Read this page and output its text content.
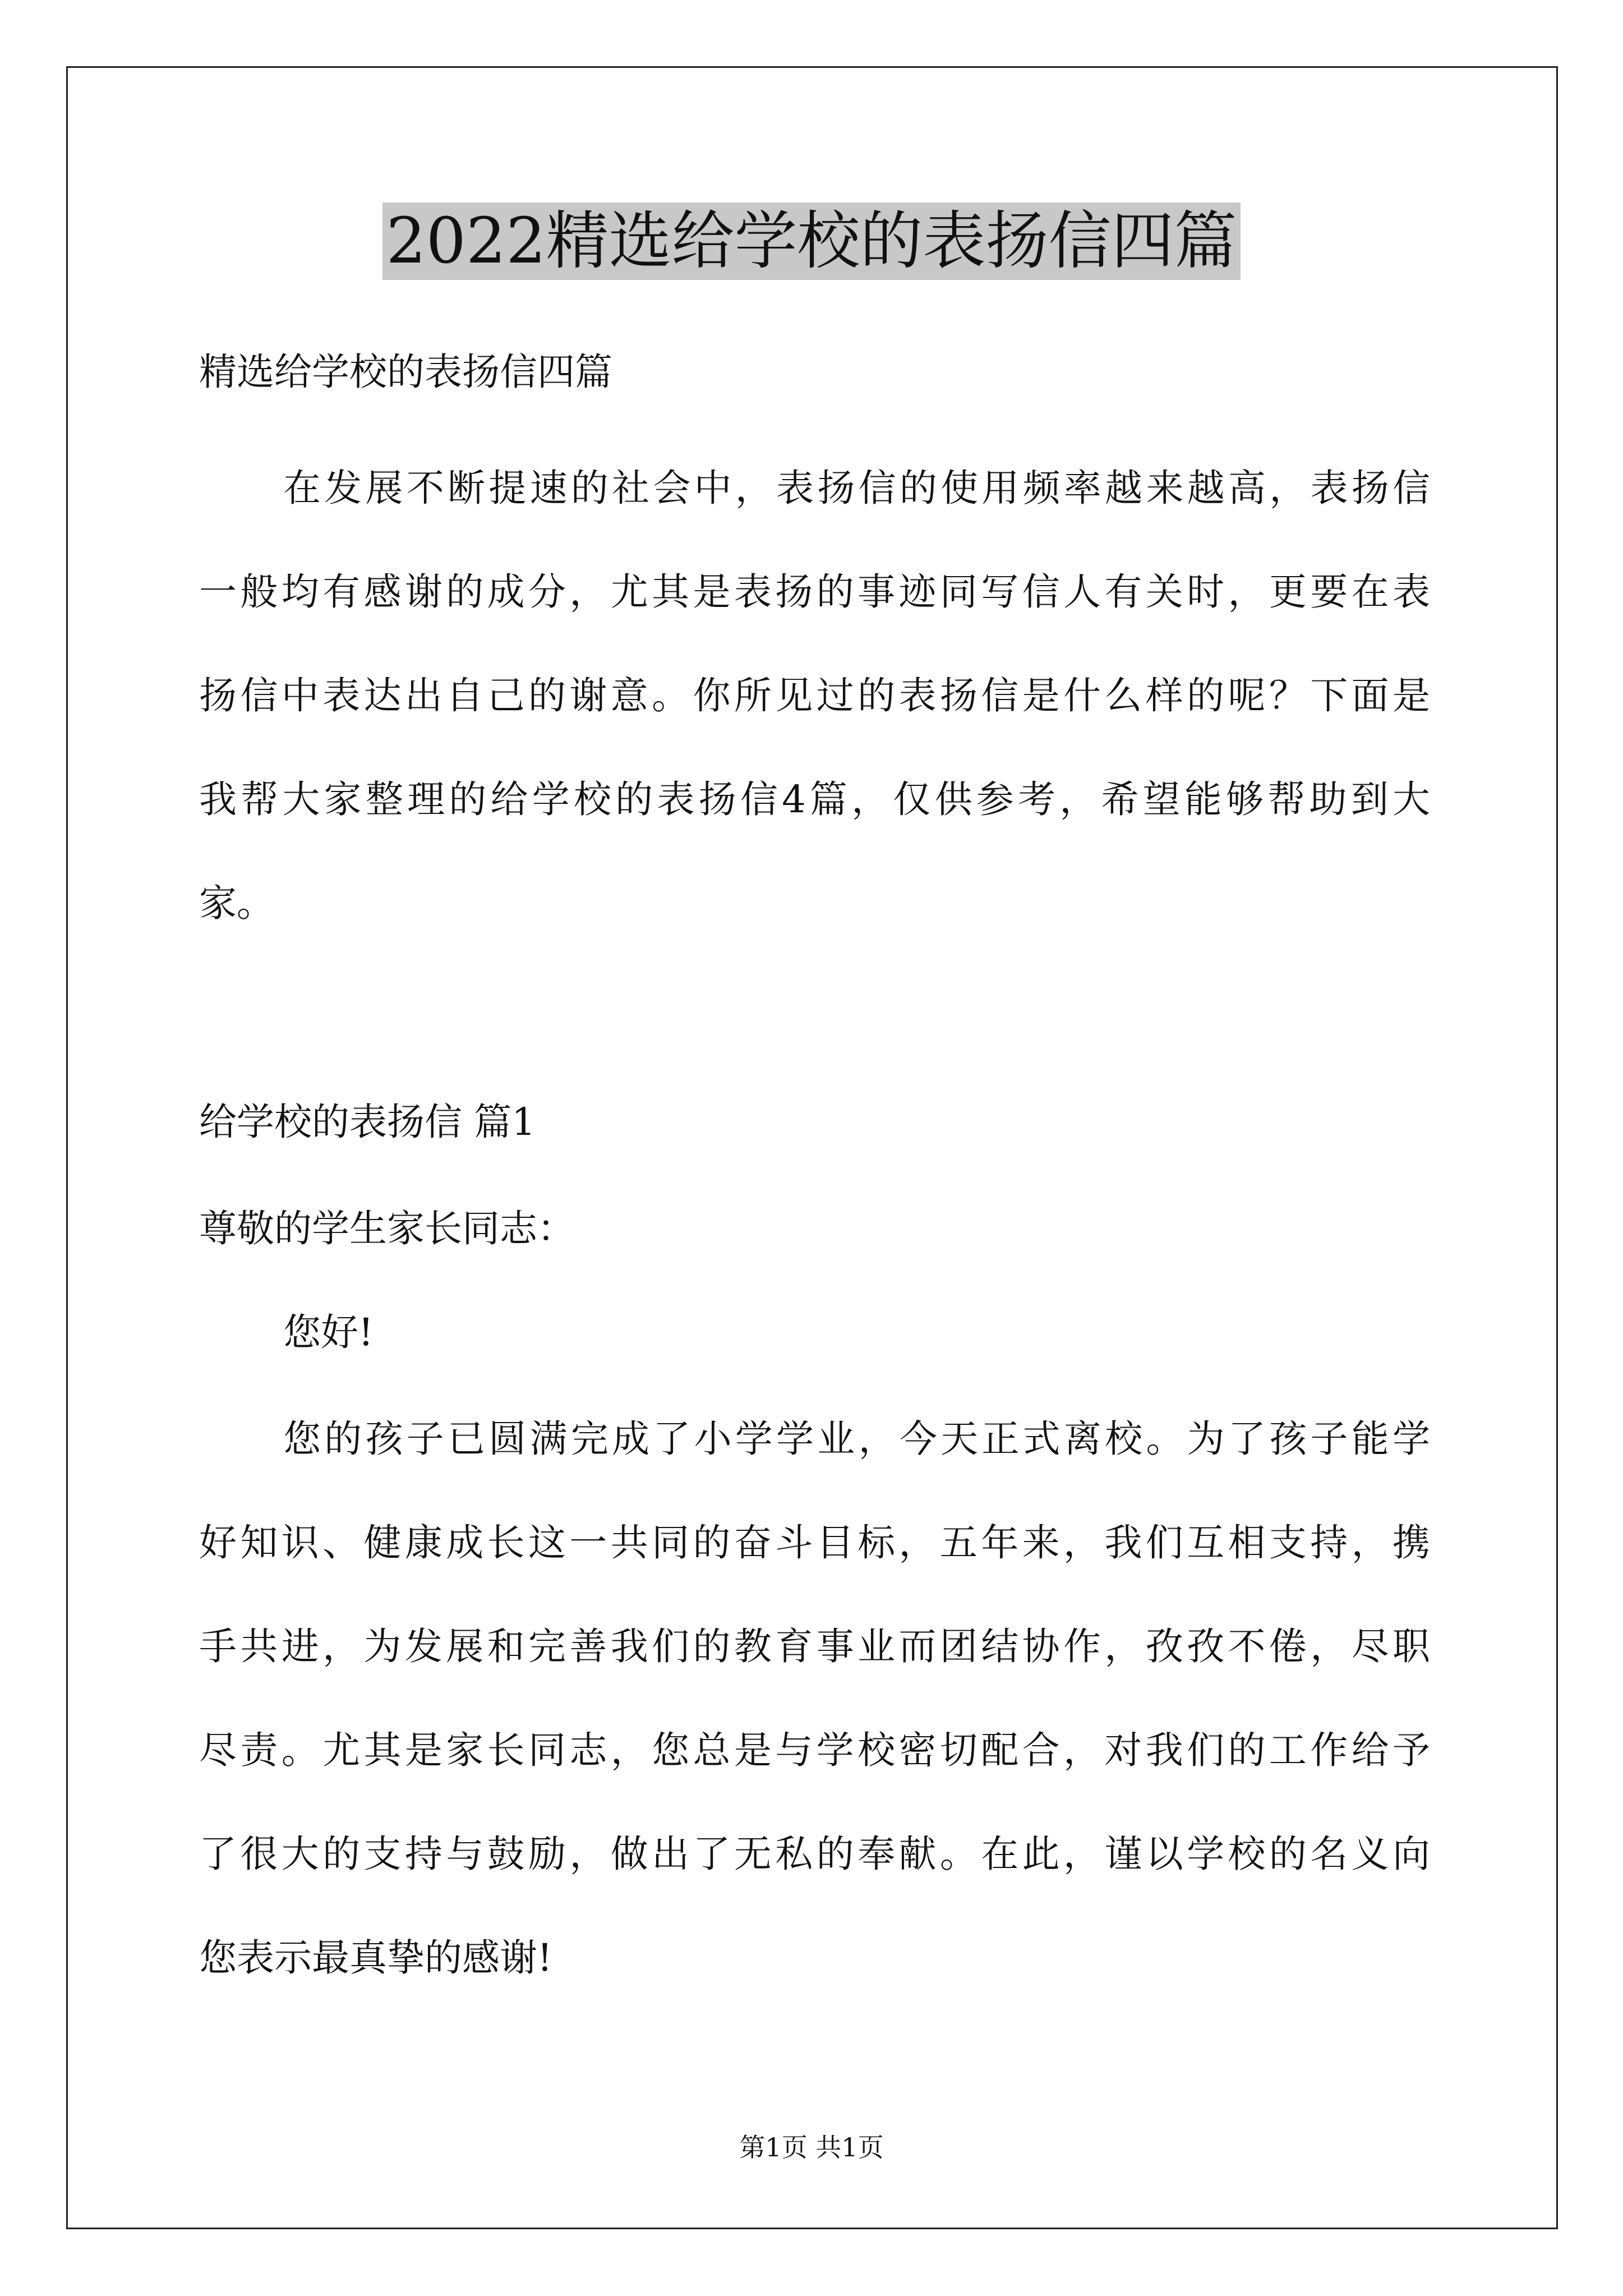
2022精选给学校的表扬信四篇
精选给学校的表扬信四篇
在发展不断提速的社会中，表扬信的使用频率越来越高，表扬信
一般均有感谢的成分，尤其是表扬的事迹同写信人有关时，更要在表
扬信中表达出自己的谢意。你所见过的表扬信是什么样的呢？下面是
我帮大家整理的给学校的表扬信4篇，仅供参考，希望能够帮助到大
家。
给学校的表扬信 篇1
尊敬的学生家长同志：
您好!
您的孩子已圆满完成了小学学业，今天正式离校。为了孩子能学
好知识、健康成长这一共同的奋斗目标，五年来，我们互相支持，携
手共进，为发展和完善我们的教育事业而团结协作，孜孜不倦，尽职
尽责。尤其是家长同志，您总是与学校密切配合，对我们的工作给予
了很大的支持与鼓励，做出了无私的奉献。在此，谨以学校的名义向
您表示最真挚的感谢!
第1页 共1页
